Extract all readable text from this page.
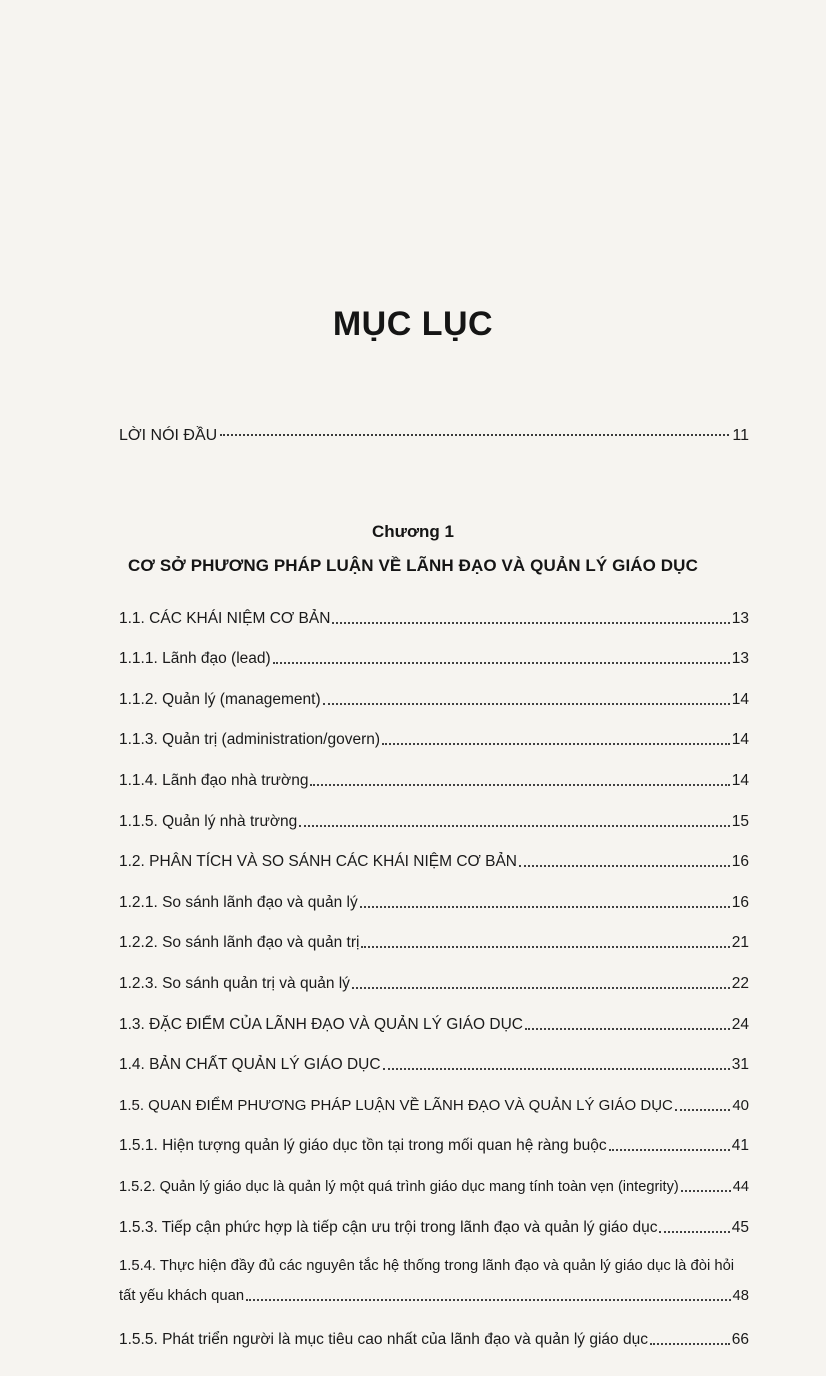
MỤC LỤC
LỜI NÓI ĐẦU	11
Chương 1
CƠ SỞ PHƯƠNG PHÁP LUẬN VỀ LÃNH ĐẠO VÀ QUẢN LÝ GIÁO DỤC
1.1. CÁC KHÁI NIỆM CƠ BẢN	13
1.1.1. Lãnh đạo (lead)	13
1.1.2. Quản lý (management)	14
1.1.3. Quản trị (administration/govern)	14
1.1.4. Lãnh đạo nhà trường	14
1.1.5. Quản lý nhà trường	15
1.2. PHÂN TÍCH VÀ SO SÁNH CÁC KHÁI NIỆM CƠ BẢN	16
1.2.1. So sánh lãnh đạo và quản lý	16
1.2.2. So sánh lãnh đạo và quản trị	21
1.2.3. So sánh quản trị và quản lý	22
1.3. ĐẶC ĐIỂM CỦA LÃNH ĐẠO VÀ QUẢN LÝ GIÁO DỤC	24
1.4. BẢN CHẤT QUẢN LÝ GIÁO DỤC	31
1.5. QUAN ĐIỂM PHƯƠNG PHÁP LUẬN VỀ LÃNH ĐẠO VÀ QUẢN LÝ GIÁO DỤC	40
1.5.1. Hiện tượng quản lý giáo dục tồn tại trong mối quan hệ ràng buộc	41
1.5.2. Quản lý giáo dục là quản lý một quá trình giáo dục mang tính toàn vẹn (integrity)	44
1.5.3. Tiếp cận phức hợp là tiếp cận ưu trội trong lãnh đạo và quản lý giáo dục	45
1.5.4. Thực hiện đầy đủ các nguyên tắc hệ thống trong lãnh đạo và quản lý giáo dục là đòi hỏi
tất yếu khách quan	48
1.5.5. Phát triển người là mục tiêu cao nhất của lãnh đạo và quản lý giáo dục	66
